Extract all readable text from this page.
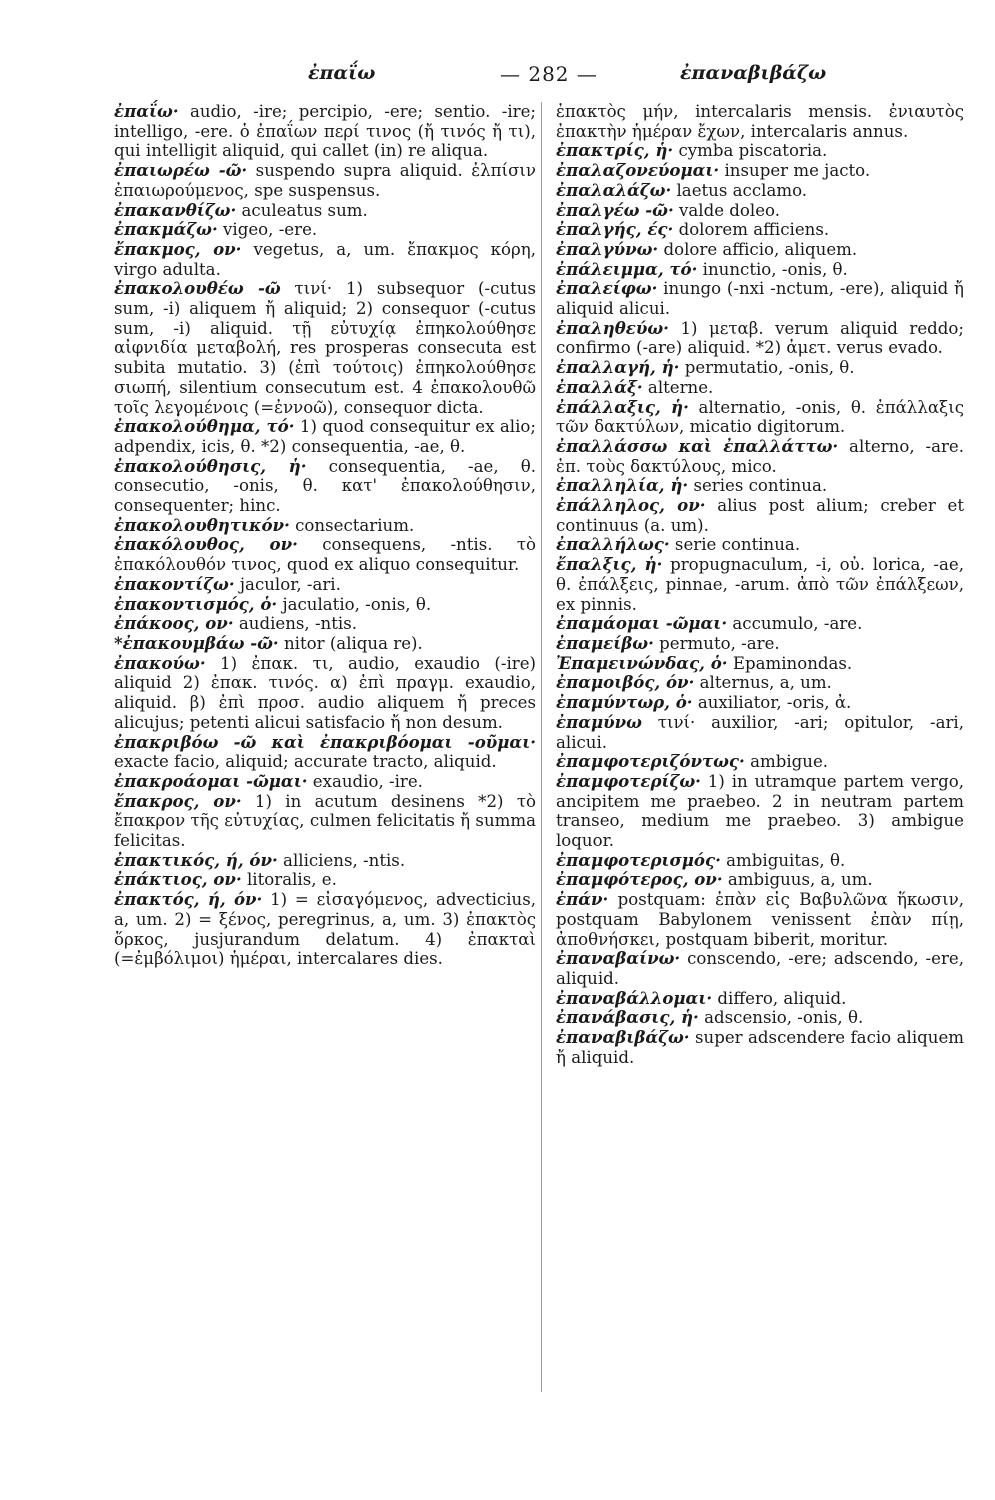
ἐπαΐω	— 282 —	ἐπαναβιβάζω

ἐπαΐω· audio, -ire; percipio, -ere; sentio. -ire; intelligo, -ere. ὁ ἐπαΐων περί τινος (ἤ τινός ἤ τι), qui intelligit aliquid, qui callet (in) re aliqua.

ἐπαιωρέω -ῶ· suspendo supra aliquid. ἐλπίσιν ἐπαιωρούμενος, spe suspensus.

ἐπακανθίζω· aculeatus sum.

ἐπακμάζω· vigeo, -ere.

ἔπακμος, ον· vegetus, a, um. ἔπακμος κόρη, virgo adulta.

ἐπακολουθέω -ῶ τινί· 1) subsequor (-cutus sum, -i) aliquem ἤ aliquid; 2) consequor (-cutus sum, -i) aliquid. τῇ εὐτυχίᾳ ἐπηκολούθησε αἰφνιδία μεταβολή, res prosperas consecuta est subita mutatio. 3) (ἐπὶ τούτοις) ἐπηκολούθησε σιωπή, silentium consecutum est. 4 ἐπακολουθῶ τοῖς λεγομένοις (=ἐννοῶ), consequor dicta.

ἐπακολούθημα, τό· 1) quod consequitur ex alio; adpendix, icis, θ. *2) consequentia, -ae, θ.

ἐπακολούθησις, ἡ· consequentia, -ae, θ. consecutio, -onis, θ. κατ' ἐπακολούθησιν, consequenter; hinc.

ἐπακολουθητικόν· consectarium.

ἐπακόλουθος, ον· consequens, -ntis. τὸ ἐπακόλουθόν τινος, quod ex aliquo consequitur.

ἐπακοντίζω· jaculor, -ari.

ἐπακοντισμός, ὁ· jaculatio, -onis, θ.

ἐπάκοος, ον· audiens, -ntis.

*ἐπακουμβάω -ῶ· nitor (aliqua re).

ἐπακούω· 1) ἐπακ. τι, audio, exaudio (-ire) aliquid 2) ἐπακ. τινός. α) ἐπὶ πραγμ. exaudio, aliquid. β) ἐπὶ προσ. audio aliquem ἤ preces alicujus; petenti alicui satisfacio ἤ non desum.

ἐπακριβόω -ῶ καὶ ἐπακριβόομαι -οῦμαι· exacte facio, aliquid; accurate tracto, aliquid.

ἐπακροάομαι -ῶμαι· exaudio, -ire.

ἔπακρος, ον· 1) in acutum desinens *2) τὸ ἔπακρον τῆς εὐτυχίας, culmen felicitatis ἤ summa felicitas.

ἐπακτικός, ή, όν· alliciens, -ntis.

ἐπάκτιος, ον· litoralis, e.

ἐπακτός, ή, όν· 1) = εἰσαγόμενος, advecticius, a, um. 2) = ξένος, peregrinus, a, um. 3) ἐπακτὸς ὅρκος, jusjurandum delatum. 4) ἐπακταὶ (=ἐμβόλιμοι) ἡμέραι, intercalares dies.

ἐπακτὸς μήν, intercalaris mensis. ἐνιαυτὸς ἐπακτὴν ἡμέραν ἔχων, intercalaris annus.

ἐπακτρίς, ἡ· cymba piscatoria.

ἐπαλαζονεύομαι· insuper me jacto.

ἐπαλαλάζω· laetus acclamo.

ἐπαλγέω -ῶ· valde doleo.

ἐπαλγής, ές· dolorem afficiens.

ἐπαλγύνω· dolore afficio, aliquem.

ἐπάλειμμα, τό· inunctio, -onis, θ.

ἐπαλείφω· inungo (-nxi -nctum, -ere), aliquid ἤ aliquid alicui.

ἐπαληθεύω· 1) μεταβ. verum aliquid reddo; confirmo (-are) aliquid. *2) ἀμετ. verus evado.

ἐπαλλαγή, ἡ· permutatio, -onis, θ.

ἐπαλλάξ· alterne.

ἐπάλλαξις, ἡ· alternatio, -onis, θ. ἐπάλλαξις τῶν δακτύλων, micatio digitorum.

ἐπαλλάσσω καὶ ἐπαλλάττω· alterno, -are. ἐπ. τοὺς δακτύλους, mico.

ἐπαλληλία, ἡ· series continua.

ἐπάλληλος, ον· alius post alium; creber et continuus (a. um).

ἐπαλλήλως· serie continua.

ἔπαλξις, ἡ· propugnaculum, -i, οὐ. lorica, -ae, θ. ἐπάλξεις, pinnae, -arum. ἀπὸ τῶν ἐπάλξεων, ex pinnis.

ἐπαμάομαι -ῶμαι· accumulo, -are.

ἐπαμείβω· permuto, -are.

Ἐπαμεινώνδας, ὁ· Epaminondas.

ἐπαμοιβός, όν· alternus, a, um.

ἐπαμύντωρ, ὁ· auxiliator, -oris, ἀ.

ἐπαμύνω τινί· auxilior, -ari; opitulor, -ari, alicui.

ἐπαμφοτεριζόντως· ambigue.

ἐπαμφοτερίζω· 1) in utramque partem vergo, ancipitem me praebeo. 2 in neutram partem transeo, medium me praebeo. 3) ambigue loquor.

ἐπαμφοτερισμός· ambiguitas, θ.

ἐπαμφότερος, ον· ambiguus, a, um.

ἐπάν· postquam: ἐπὰν εἰς Βαβυλῶνα ἥκωσιν, postquam Babylonem venissent ἐπὰν πίῃ, ἀποθνήσκει, postquam biberit, moritur.

ἐπαναβαίνω· conscendo, -ere; adscendo, -ere, aliquid.

ἐπαναβάλλομαι· differo, aliquid.

ἐπανάβασις, ἡ· adscensio, -onis, θ.

ἐπαναβιβάζω· super adscendere facio aliquem ἤ aliquid.
